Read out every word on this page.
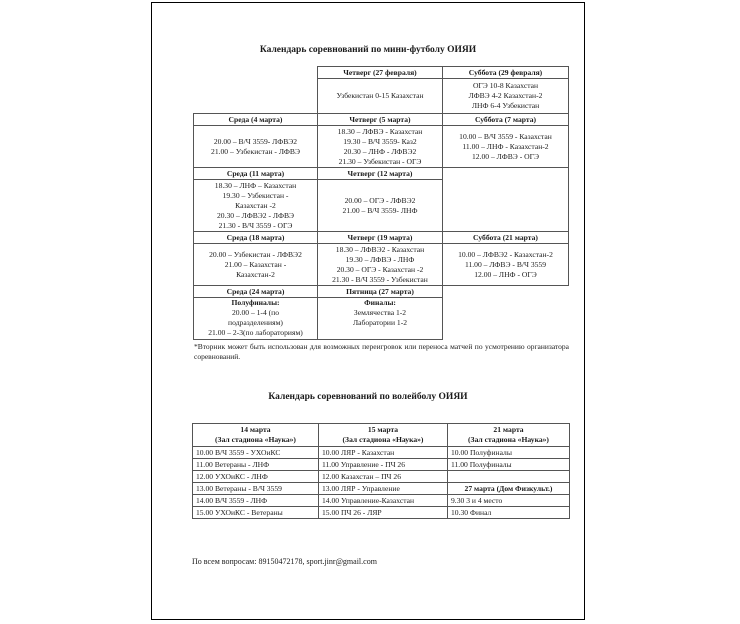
Календарь соревнований по мини-футболу ОИЯИ
	Четверг (27 февраля)	Суббота (29 февраля)

	Узбекистан 0-15 Казахстан	ОГЭ 10-8 Казахстан
ЛФВЭ 4-2 Казахстан-2
ЛНФ 6-4 Узбекистан

Среда (4 марта)	Четверг (5 марта)	Суббота (7 марта)

20.00 – В/Ч 3559- ЛФВЭ2
21.00 – Узбекистан - ЛФВЭ	18.30 – ЛФВЭ - Казахстан
19.30 – В/Ч 3559- Каз2
20.30 – ЛНФ - ЛФВЭ2
21.30 – Узбекистан - ОГЭ	10.00 – В/Ч 3559 - Казахстан
11.00 – ЛНФ - Казахстан-2
12.00 – ЛФВЭ - ОГЭ

Среда (11 марта)	Четверг (12 марта)	

18.30 – ЛНФ – Казахстан
19.30 – Узбекистан -
Казахстан -2
20.30 – ЛФВЭ2 - ЛФВЭ
21.30 - В/Ч 3559 - ОГЭ	20.00 – ОГЭ - ЛФВЭ2
21.00 – В/Ч 3559- ЛНФ	

Среда (18 марта)	Четверг (19 марта)	Суббота (21 марта)

20.00 – Узбекистан - ЛФВЭ2
21.00 – Казахстан -
Казахстан-2	18.30 – ЛФВЭ2 - Казахстан
19.30 – ЛФВЭ - ЛНФ
20.30 – ОГЭ - Казахстан -2
21.30 - В/Ч 3559 - Узбекистан	10.00 – ЛФВЭ2 - Казахстан-2
11.00 – ЛФВЭ - В/Ч 3559
12.00 – ЛНФ - ОГЭ

Среда (24 марта)	Пятница (27 марта)	

Полуфиналы:
20.00 – 1-4 (по
подразделениям)
21.00 – 2-3(по лабораториям)	Финалы:
Землячества 1-2
Лаборатории 1-2	

*Вторник может быть использован для возможных переигровок или переноса матчей по усмотрению организатора соревнований.
Календарь соревнований по волейболу ОИЯИ
14 марта
(Зал стадиона «Наука»)	15 марта
(Зал стадиона «Наука»)	21 марта
(Зал стадиона «Наука»)

10.00 В/Ч 3559 - УХОиКС	10.00 ЛЯР - Казахстан	10.00 Полуфиналы
11.00 Ветераны - ЛНФ	11.00 Управление - ПЧ 26	11.00 Полуфиналы
12.00 УХОиКС - ЛНФ	12.00 Казахстан – ПЧ 26	
13.00 Ветераны - В/Ч 3559	13.00 ЛЯР - Управление	27 марта (Дом Физкульт.)
14.00 В/Ч 3559 - ЛНФ	14.00 Управление-Казахстан	9.30 3 и 4 место
15.00 УХОиКС - Ветераны	15.00 ПЧ 26 - ЛЯР	10.30 Финал
По всем вопросам: 89150472178, sport.jinr@gmail.com
